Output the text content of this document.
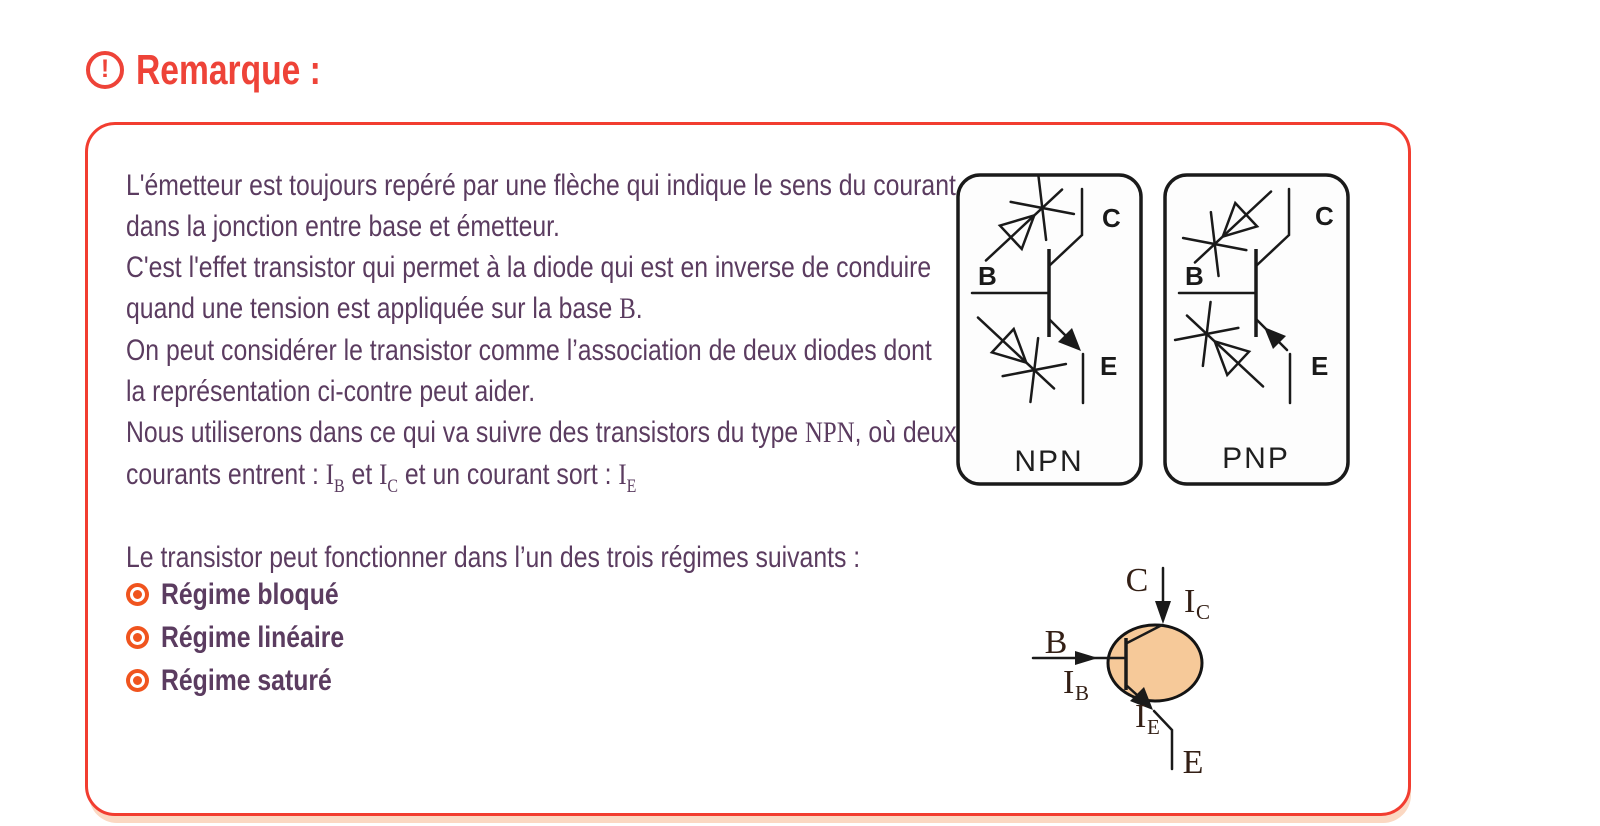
! Remarque :
L'émetteur est toujours repéré par une flèche qui indique le sens du courant
dans la jonction entre base et émetteur.
C'est l'effet transistor qui permet à la diode qui est en inverse de conduire
quand une tension est appliquée sur la base B.
On peut considérer le transistor comme l’association de deux diodes dont
la représentation ci-contre peut aider.
Nous utiliserons dans ce qui va suivre des transistors du type NPN, où deux
courants entrent : $I_B$ et $I_C$ et un courant sort : $I_E$
Le transistor peut fonctionner dans l’un des trois régimes suivants :
Régime bloqué
Régime linéaire
Régime saturé
B
C
E
NPN
B
C
E
PNP
C
B
E
I C
I B
I E
